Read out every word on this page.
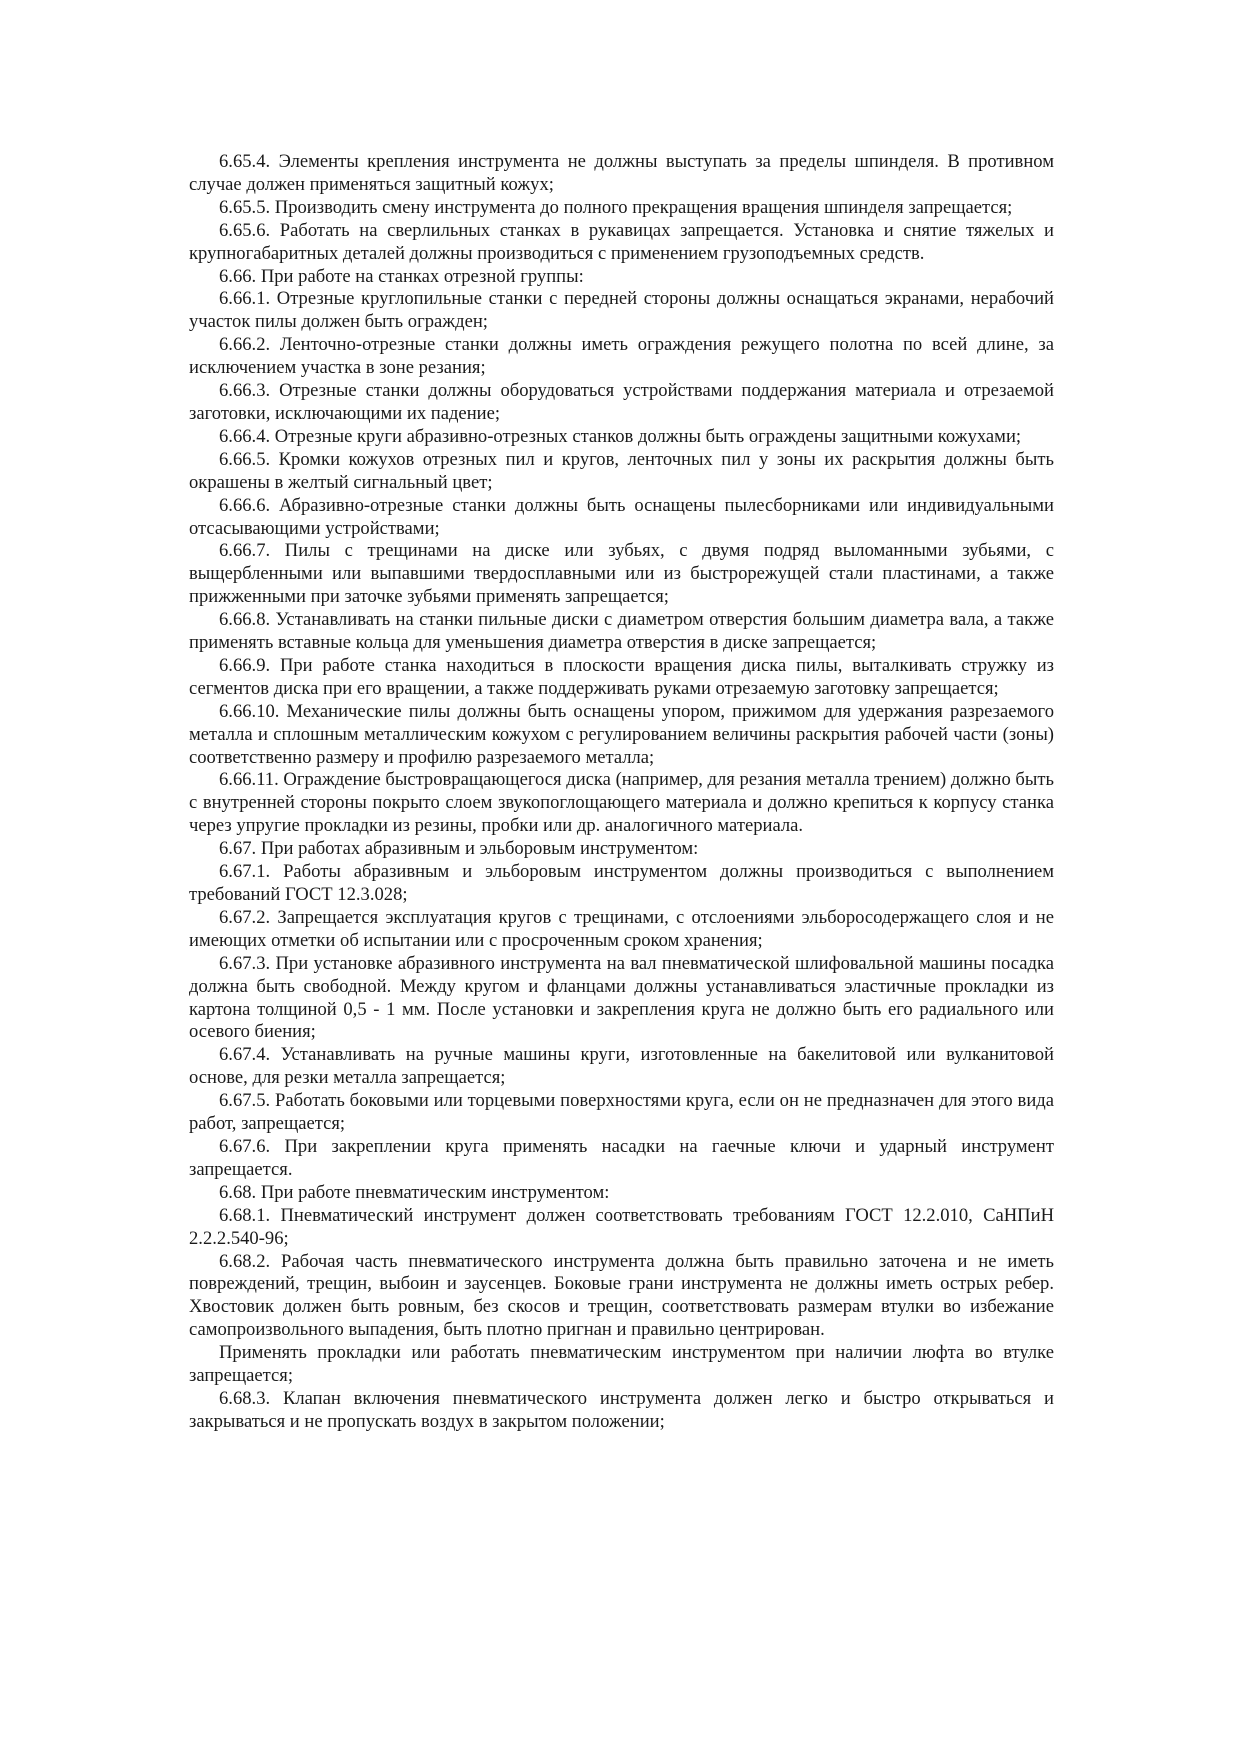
6.65.4. Элементы крепления инструмента не должны выступать за пределы шпинделя. В противном случае должен применяться защитный кожух;

6.65.5. Производить смену инструмента до полного прекращения вращения шпинделя запрещается;

6.65.6. Работать на сверлильных станках в рукавицах запрещается. Установка и снятие тяжелых и крупногабаритных деталей должны производиться с применением грузоподъемных средств.

6.66. При работе на станках отрезной группы:

6.66.1. Отрезные круглопильные станки с передней стороны должны оснащаться экранами, нерабочий участок пилы должен быть огражден;

6.66.2. Ленточно-отрезные станки должны иметь ограждения режущего полотна по всей длине, за исключением участка в зоне резания;

6.66.3. Отрезные станки должны оборудоваться устройствами поддержания материала и отрезаемой заготовки, исключающими их падение;

6.66.4. Отрезные круги абразивно-отрезных станков должны быть ограждены защитными кожухами;

6.66.5. Кромки кожухов отрезных пил и кругов, ленточных пил у зоны их раскрытия должны быть окрашены в желтый сигнальный цвет;

6.66.6. Абразивно-отрезные станки должны быть оснащены пылесборниками или индивидуальными отсасывающими устройствами;

6.66.7. Пилы с трещинами на диске или зубьях, с двумя подряд выломанными зубьями, с выщербленными или выпавшими твердосплавными или из быстрорежущей стали пластинами, а также прижженными при заточке зубьями применять запрещается;

6.66.8. Устанавливать на станки пильные диски с диаметром отверстия большим диаметра вала, а также применять вставные кольца для уменьшения диаметра отверстия в диске запрещается;

6.66.9. При работе станка находиться в плоскости вращения диска пилы, выталкивать стружку из сегментов диска при его вращении, а также поддерживать руками отрезаемую заготовку запрещается;

6.66.10. Механические пилы должны быть оснащены упором, прижимом для удержания разрезаемого металла и сплошным металлическим кожухом с регулированием величины раскрытия рабочей части (зоны) соответственно размеру и профилю разрезаемого металла;

6.66.11. Ограждение быстровращающегося диска (например, для резания металла трением) должно быть с внутренней стороны покрыто слоем звукопоглощающего материала и должно крепиться к корпусу станка через упругие прокладки из резины, пробки или др. аналогичного материала.

6.67. При работах абразивным и эльборовым инструментом:

6.67.1. Работы абразивным и эльборовым инструментом должны производиться с выполнением требований ГОСТ 12.3.028;

6.67.2. Запрещается эксплуатация кругов с трещинами, с отслоениями эльборосодержащего слоя и не имеющих отметки об испытании или с просроченным сроком хранения;

6.67.3. При установке абразивного инструмента на вал пневматической шлифовальной машины посадка должна быть свободной. Между кругом и фланцами должны устанавливаться эластичные прокладки из картона толщиной 0,5 - 1 мм. После установки и закрепления круга не должно быть его радиального или осевого биения;

6.67.4. Устанавливать на ручные машины круги, изготовленные на бакелитовой или вулканитовой основе, для резки металла запрещается;

6.67.5. Работать боковыми или торцевыми поверхностями круга, если он не предназначен для этого вида работ, запрещается;

6.67.6. При закреплении круга применять насадки на гаечные ключи и ударный инструмент запрещается.

6.68. При работе пневматическим инструментом:

6.68.1. Пневматический инструмент должен соответствовать требованиям ГОСТ 12.2.010, СаНПиН 2.2.2.540-96;

6.68.2. Рабочая часть пневматического инструмента должна быть правильно заточена и не иметь повреждений, трещин, выбоин и заусенцев. Боковые грани инструмента не должны иметь острых ребер. Хвостовик должен быть ровным, без скосов и трещин, соответствовать размерам втулки во избежание самопроизвольного выпадения, быть плотно пригнан и правильно центрирован.

Применять прокладки или работать пневматическим инструментом при наличии люфта во втулке запрещается;

6.68.3. Клапан включения пневматического инструмента должен легко и быстро открываться и закрываться и не пропускать воздух в закрытом положении;
